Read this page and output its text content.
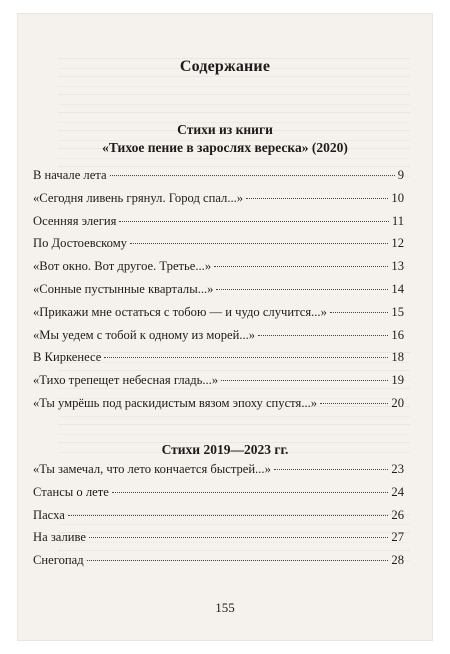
Содержание
Стихи из книги
«Тихое пение в зарослях вереска» (2020)
В начале лета	9
«Сегодня ливень грянул. Город спал...»	10
Осенняя элегия	11
По Достоевскому	12
«Вот окно. Вот другое. Третье...»	13
«Сонные пустынные кварталы...»	14
«Прикажи мне остаться с тобою — и чудо случится...»	15
«Мы уедем с тобой к одному из морей...»	16
В Киркенесе	18
«Тихо трепещет небесная гладь...»	19
«Ты умрёшь под раскидистым вязом эпоху спустя...»	20
Стихи 2019—2023 гг.
«Ты замечал, что лето кончается быстрей...»	23
Стансы о лете	24
Пасха	26
На заливе	27
Снегопад	28
155
